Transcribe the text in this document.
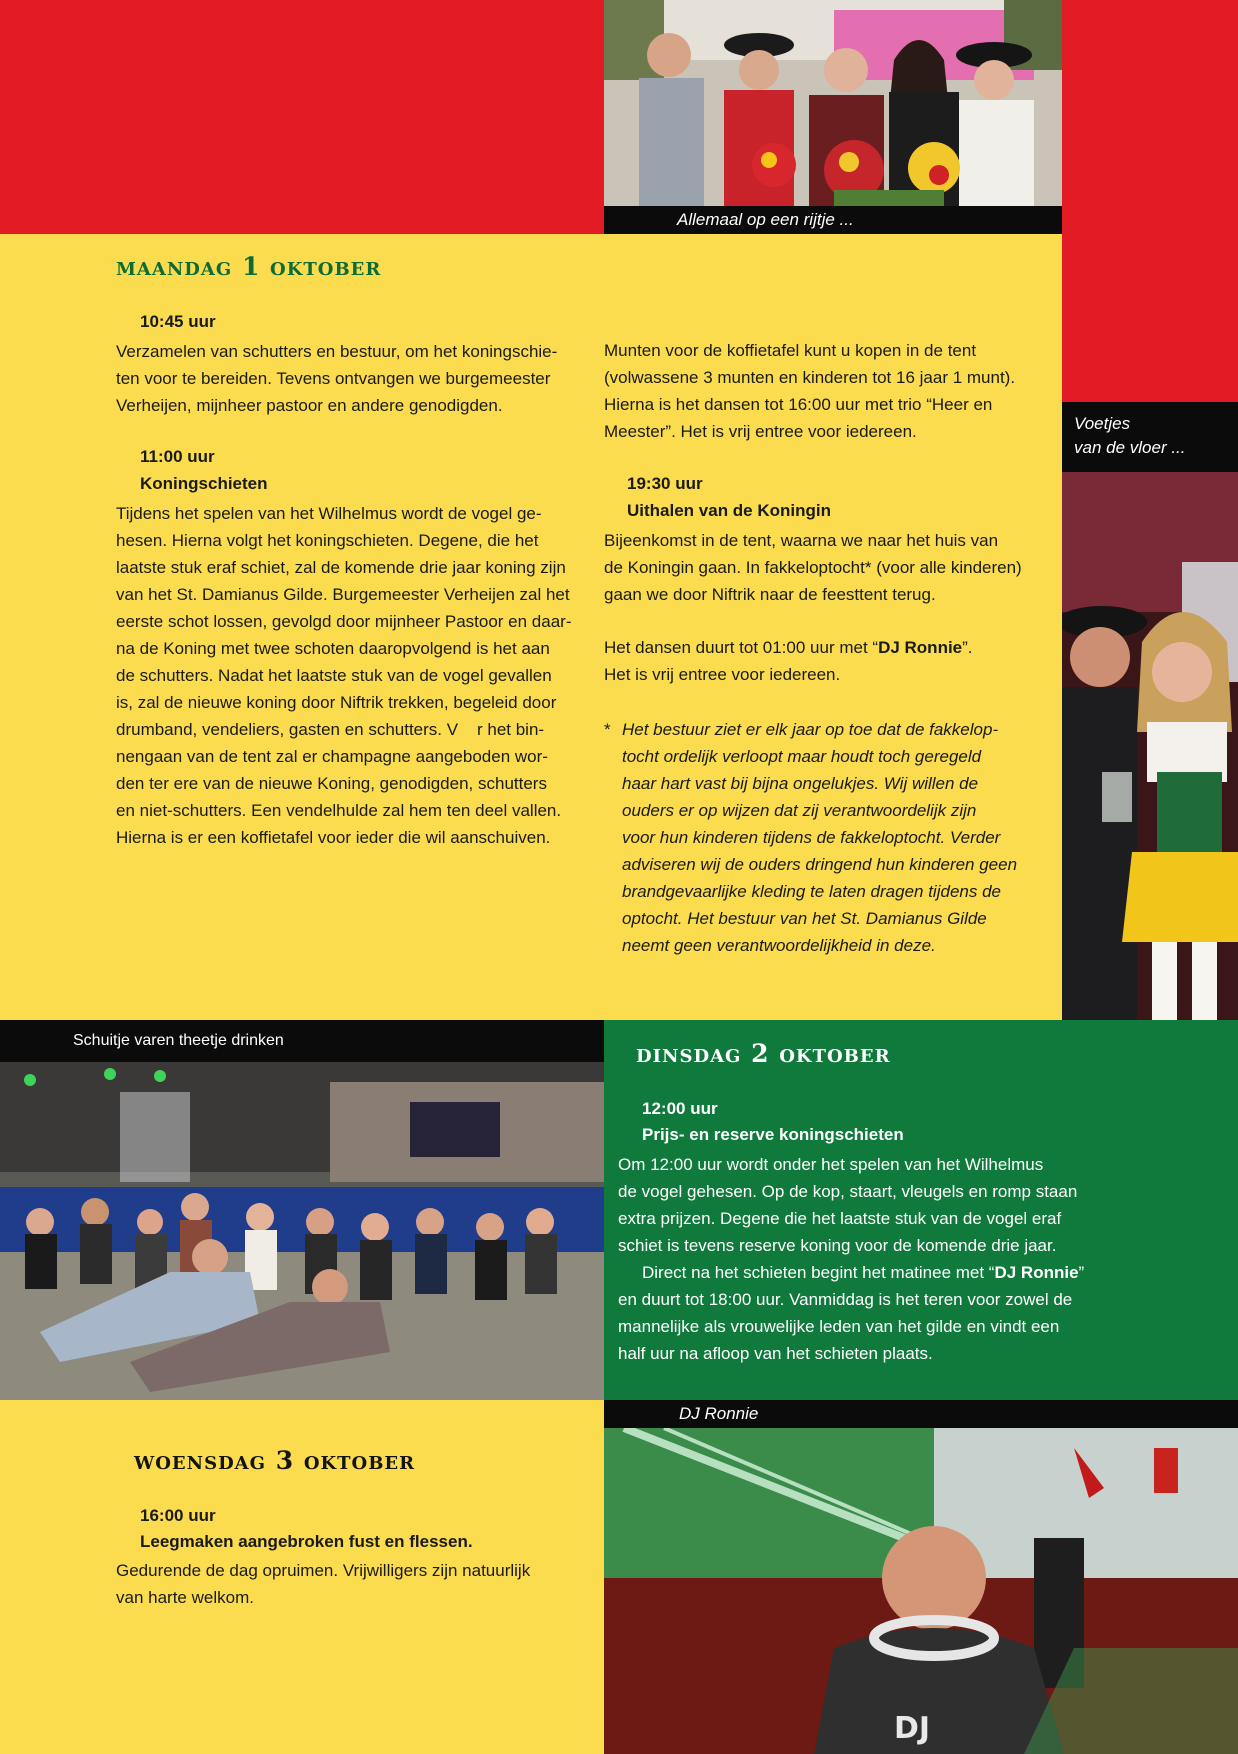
Allemaal op een rijtje ...
Voetjes
van de vloer ...
Schuitje varen theetje drinken
DJ Ronnie
DJ
maandag 1 oktober
10:45 uur

Verzamelen van schutters en bestuur, om het koningschie-

ten voor te bereiden. Tevens ontvangen we burgemeester

Verheijen, mijnheer pastoor en andere genodigden.

11:00 uur
Koningschieten

Tijdens het spelen van het Wilhelmus wordt de vogel ge-

hesen. Hierna volgt het koningschieten. Degene, die het

laatste stuk eraf schiet, zal de komende drie jaar koning zijn

van het St. Damianus Gilde. Burgemeester Verheijen zal het

eerste schot lossen, gevolgd door mijnheer Pastoor en daar-

na de Koning met twee schoten daaropvolgend is het aan

de schutters. Nadat het laatste stuk van de vogel gevallen

is, zal de nieuwe koning door Niftrik trekken, begeleid door

drumband, vendeliers, gasten en schutters. V    r het bin-

nengaan van de tent zal er champagne aangeboden wor-

den ter ere van de nieuwe Koning, genodigden, schutters

en niet-schutters. Een vendelhulde zal hem ten deel vallen.

Hierna is er een koffietafel voor ieder die wil aanschuiven.

Munten voor de koffietafel kunt u kopen in de tent

(volwassene 3 munten en kinderen tot 16 jaar 1 munt).

Hierna is het dansen tot 16:00 uur met trio “Heer en

Meester”. Het is vrij entree voor iedereen.

19:30 uur
Uithalen van de Koningin

Bijeenkomst in de tent, waarna we naar het huis van

de Koningin gaan. In fakkeloptocht* (voor alle kinderen)

gaan we door Niftrik naar de feesttent terug.

Het dansen duurt tot 01:00 uur met “DJ Ronnie”.

Het is vrij entree voor iedereen.

* Het bestuur ziet er elk jaar op toe dat de fakkelop-

tocht ordelijk verloopt maar houdt toch geregeld

haar hart vast bij bijna ongelukjes. Wij willen de

ouders er op wijzen dat zij verantwoordelijk zijn

voor hun kinderen tijdens de fakkeloptocht. Verder

adviseren wij de ouders dringend hun kinderen geen

brandgevaarlijke kleding te laten dragen tijdens de

optocht. Het bestuur van het St. Damianus Gilde

neemt geen verantwoordelijkheid in deze.

dinsdag 2 oktober
12:00 uur
Prijs- en reserve koningschieten

Om 12:00 uur wordt onder het spelen van het Wilhelmus

de vogel gehesen. Op de kop, staart, vleugels en romp staan

extra prijzen. Degene die het laatste stuk van de vogel eraf

schiet is tevens reserve koning voor de komende drie jaar.

Direct na het schieten begint het matinee met “DJ Ronnie”

en duurt tot 18:00 uur. Vanmiddag is het teren voor zowel de

mannelijke als vrouwelijke leden van het gilde en vindt een

half uur na afloop van het schieten plaats.

woensdag 3 oktober
16:00 uur
Leegmaken aangebroken fust en flessen.

Gedurende de dag opruimen. Vrijwilligers zijn natuurlijk

van harte welkom.
